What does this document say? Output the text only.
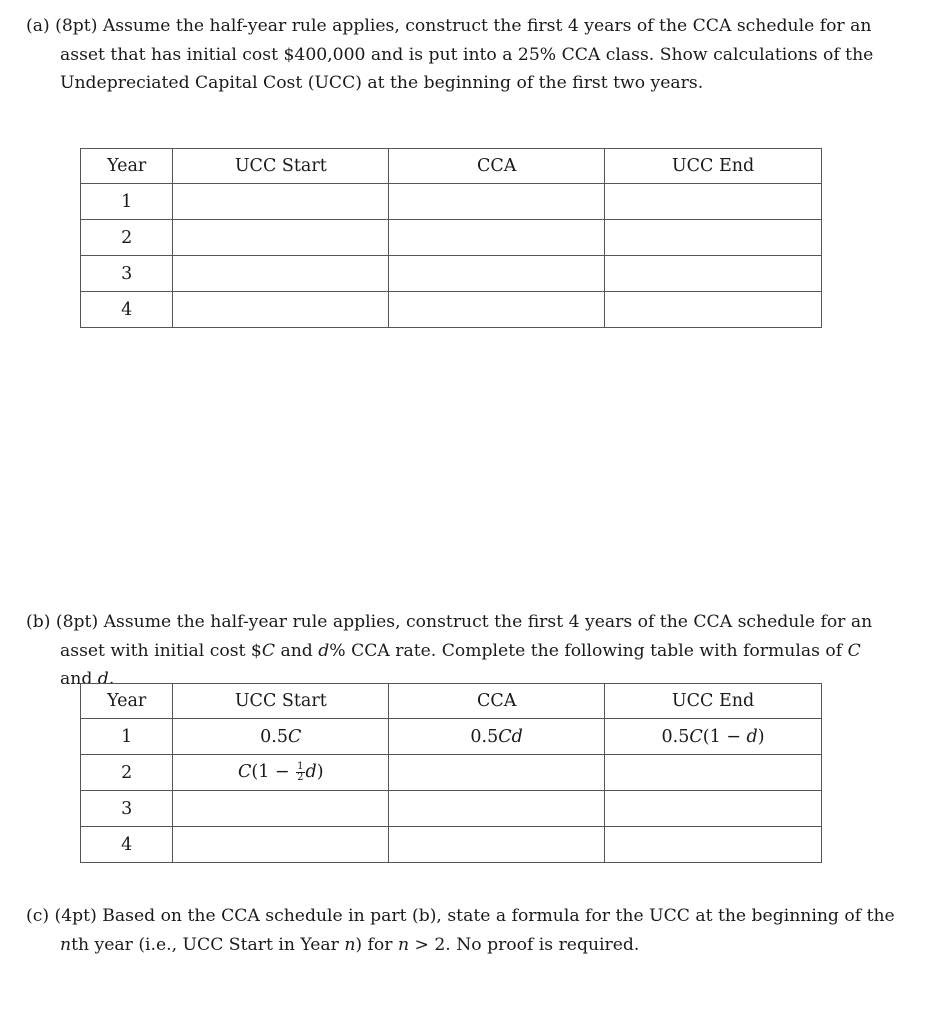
(a) (8pt) Assume the half-year rule applies, construct the first 4 years of the CCA schedule for an asset that has initial cost $400,000 and is put into a 25% CCA class. Show calculations of the Undepreciated Capital Cost (UCC) at the beginning of the first two years.

Year	UCC Start	CCA	UCC End
1			
2			
3			
4			

(b) (8pt) Assume the half-year rule applies, construct the first 4 years of the CCA schedule for an asset with initial cost $C and d% CCA rate. Complete the following table with formulas of C and d.

Year	UCC Start	CCA	UCC End
1	0.5C	0.5Cd	0.5C(1 − d)
2	$C(1 - \frac{1}{2} d)$		
3			
4			

(c) (4pt) Based on the CCA schedule in part (b), state a formula for the UCC at the beginning of the nth year (i.e., UCC Start in Year n) for n > 2. No proof is required.
